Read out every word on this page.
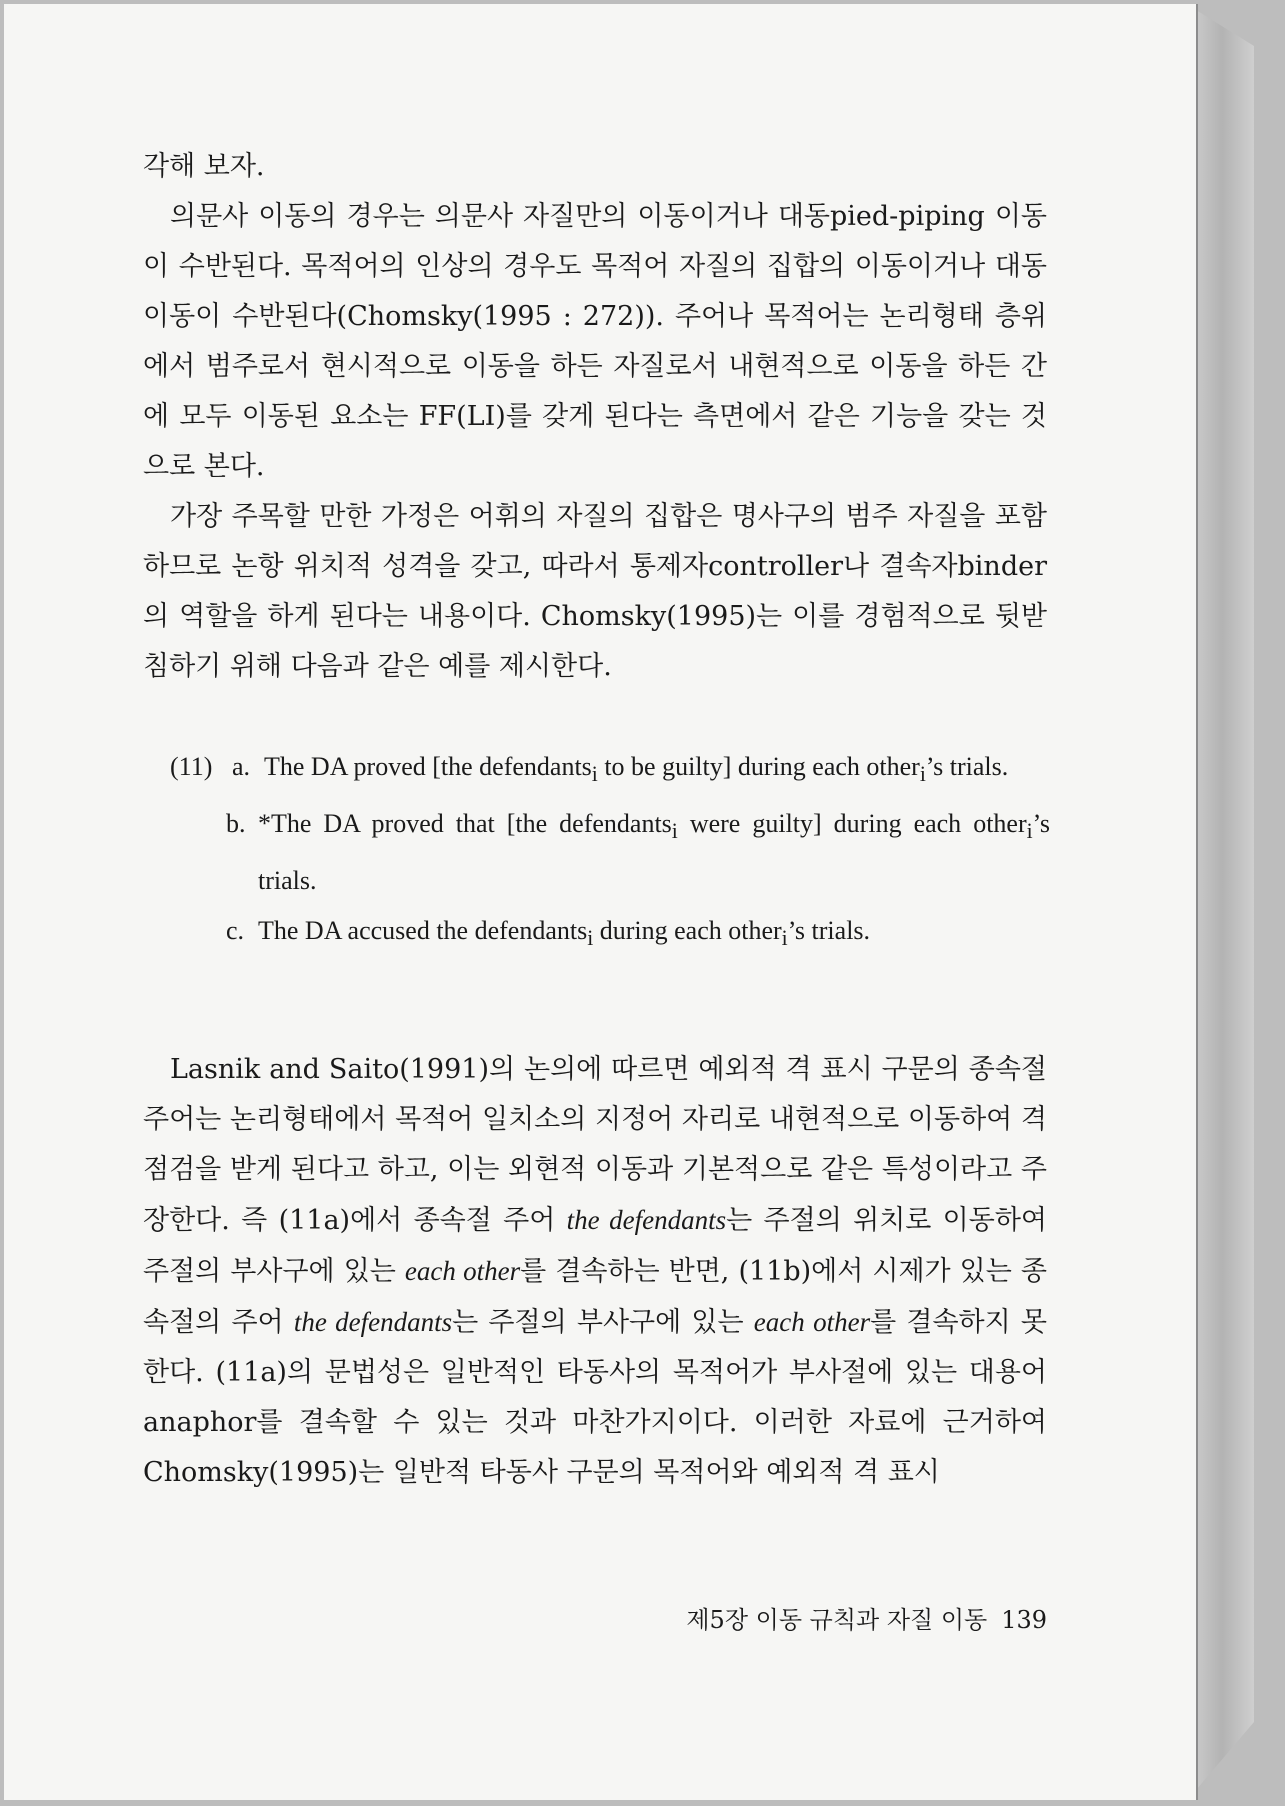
각해 보자.

의문사 이동의 경우는 의문사 자질만의 이동이거나 대동pied-piping 이동이 수반된다. 목적어의 인상의 경우도 목적어 자질의 집합의 이동이거나 대동 이동이 수반된다(Chomsky(1995 : 272)). 주어나 목적어는 논리형태 층위에서 범주로서 현시적으로 이동을 하든 자질로서 내현적으로 이동을 하든 간에 모두 이동된 요소는 FF(LI)를 갖게 된다는 측면에서 같은 기능을 갖는 것으로 본다.

가장 주목할 만한 가정은 어휘의 자질의 집합은 명사구의 범주 자질을 포함하므로 논항 위치적 성격을 갖고, 따라서 통제자controller나 결속자binder의 역할을 하게 된다는 내용이다. Chomsky(1995)는 이를 경험적으로 뒷받침하기 위해 다음과 같은 예를 제시한다.

(11) a. The DA proved [the defendants$_i$ to be guilty] during each other$_i$’s trials.
b. *The DA proved that [the defendants$_i$ were guilty] during each other$_i$’s trials.
c. The DA accused the defendants$_i$ during each other$_i$’s trials.

Lasnik and Saito(1991)의 논의에 따르면 예외적 격 표시 구문의 종속절 주어는 논리형태에서 목적어 일치소의 지정어 자리로 내현적으로 이동하여 격 점검을 받게 된다고 하고, 이는 외현적 이동과 기본적으로 같은 특성이라고 주장한다. 즉 (11a)에서 종속절 주어 the defendants는 주절의 위치로 이동하여 주절의 부사구에 있는 each other를 결속하는 반면, (11b)에서 시제가 있는 종속절의 주어 the defendants는 주절의 부사구에 있는 each other를 결속하지 못한다. (11a)의 문법성은 일반적인 타동사의 목적어가 부사절에 있는 대용어anaphor를 결속할 수 있는 것과 마찬가지이다. 이러한 자료에 근거하여 Chomsky(1995)는 일반적 타동사 구문의 목적어와 예외적 격 표시

제5장 이동 규칙과 자질 이동 139
